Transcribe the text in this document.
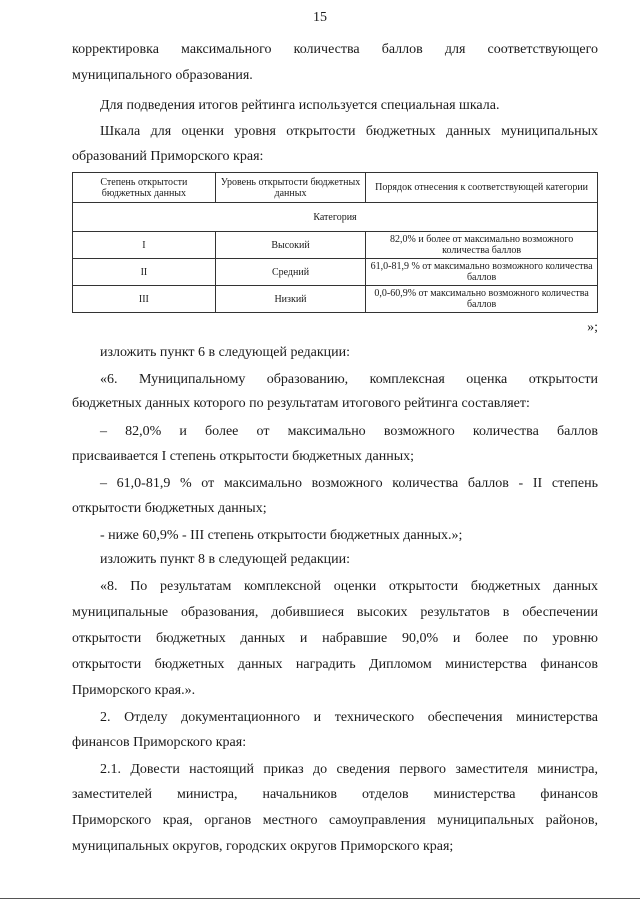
15
корректировка максимального количества баллов для соответствующего
муниципального образования.
Для подведения итогов рейтинга используется специальная шкала.
Шкала для оценки уровня открытости бюджетных данных муниципальных
образований Приморского края:
Степень открытости бюджетных данных	Уровень открытости бюджетных данных	Порядок отнесения к соответствующей категории
Категория		
I	Высокий	82,0% и более от максимально возможного количества баллов
II	Средний	61,0-81,9 % от максимально возможного количества баллов
III	Низкий	0,0-60,9% от максимально возможного количества баллов
»;
изложить пункт 6 в следующей редакции:
«6. Муниципальному образованию, комплексная оценка открытости
бюджетных данных которого по результатам итогового рейтинга составляет:
– 82,0% и более от максимально возможного количества баллов
присваивается I степень открытости бюджетных данных;
– 61,0-81,9 % от максимально возможного количества баллов - II степень
открытости бюджетных данных;
- ниже 60,9% - III степень открытости бюджетных данных.»;
изложить пункт 8 в следующей редакции:
«8. По результатам комплексной оценки открытости бюджетных данных
муниципальные образования, добившиеся высоких результатов в обеспечении
открытости бюджетных данных и набравшие 90,0% и более по уровню
открытости бюджетных данных наградить Дипломом министерства финансов
Приморского края.».
2. Отделу документационного и технического обеспечения министерства
финансов Приморского края:
2.1. Довести настоящий приказ до сведения первого заместителя министра,
заместителей министра, начальников отделов министерства финансов
Приморского края, органов местного самоуправления муниципальных районов,
муниципальных округов, городских округов Приморского края;
